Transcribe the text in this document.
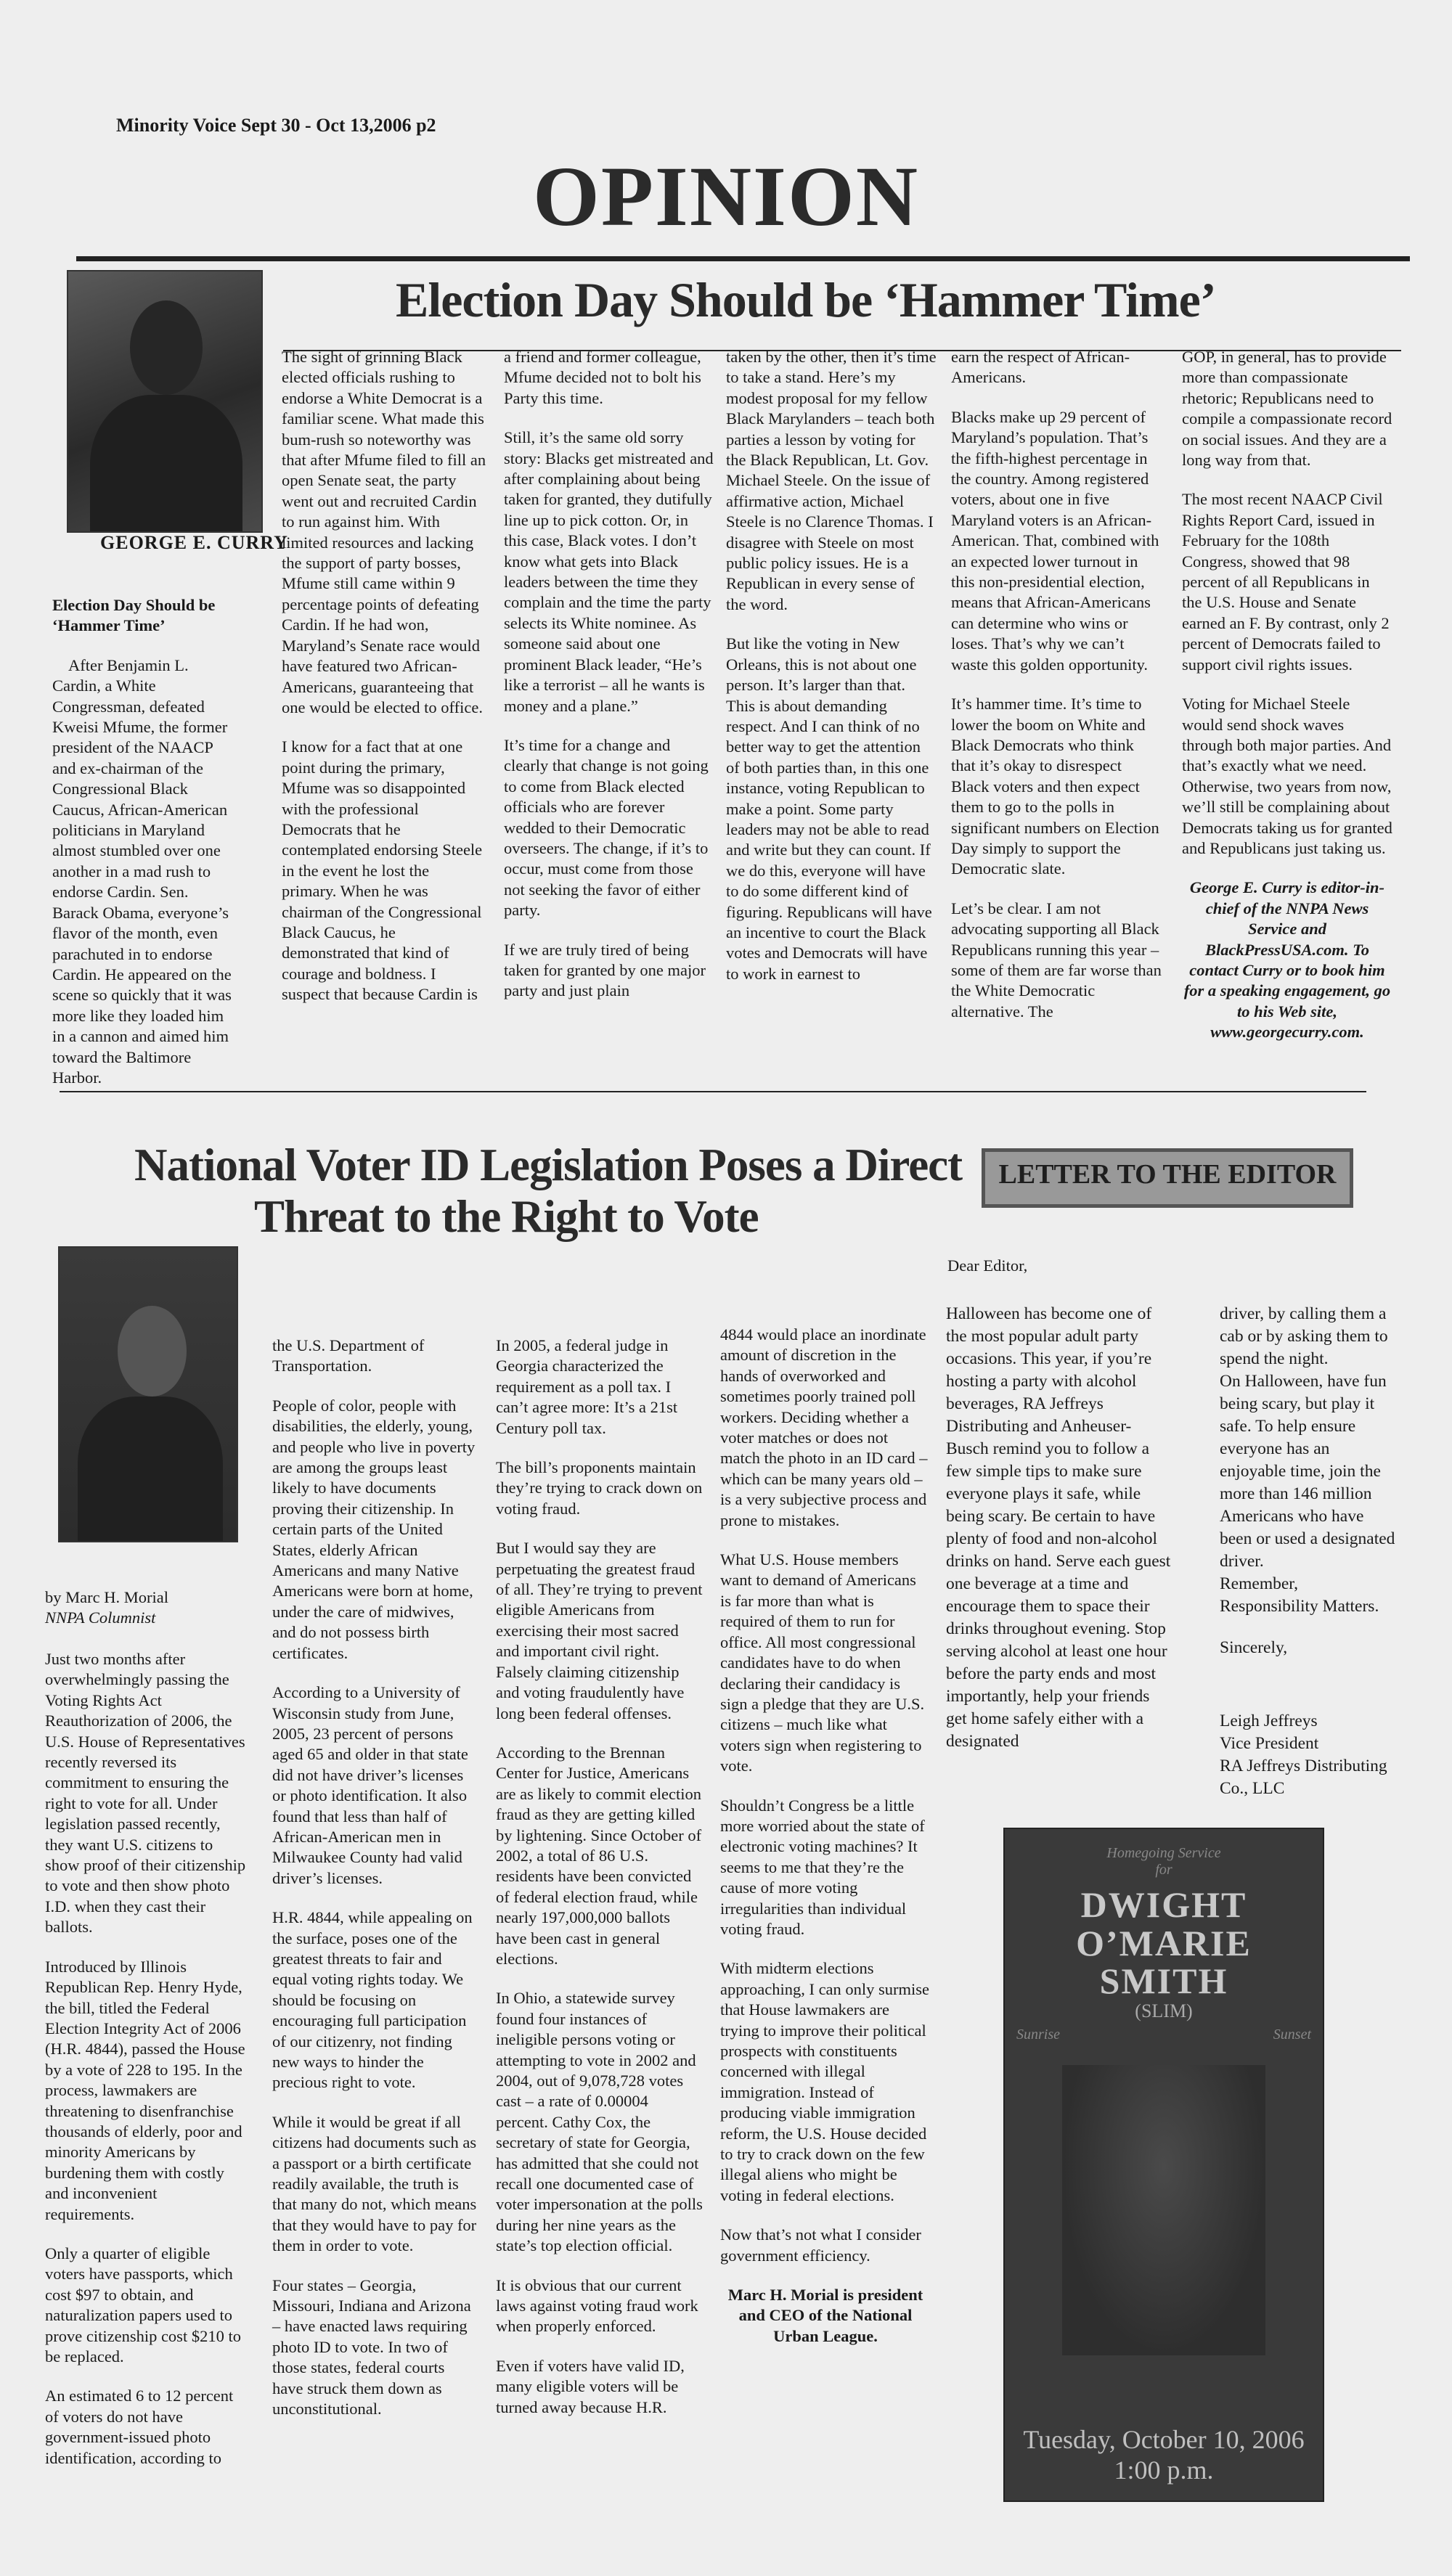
Minority Voice Sept 30 - Oct 13,2006 p2
OPINION
GEORGE E. CURRY
Election Day Should be ‘Hammer Time’

Election Day Should be ‘Hammer Time’

After Benjamin L. Cardin, a White Congressman, defeated Kweisi Mfume, the former president of the NAACP and ex-chairman of the Congressional Black Caucus, African-American politicians in Maryland almost stumbled over one another in a mad rush to endorse Cardin. Sen. Barack Obama, everyone’s flavor of the month, even parachuted in to endorse Cardin. He appeared on the scene so quickly that it was more like they loaded him in a cannon and aimed him toward the Baltimore Harbor.

The sight of grinning Black elected officials rushing to endorse a White Democrat is a familiar scene. What made this bum-rush so noteworthy was that after Mfume filed to fill an open Senate seat, the party went out and recruited Cardin to run against him. With limited resources and lacking the support of party bosses, Mfume still came within 9 percentage points of defeating Cardin. If he had won, Maryland’s Senate race would have featured two African-Americans, guaranteeing that one would be elected to office.

I know for a fact that at one point during the primary, Mfume was so disappointed with the professional Democrats that he contemplated endorsing Steele in the event he lost the primary. When he was chairman of the Congressional Black Caucus, he demonstrated that kind of courage and boldness. I suspect that because Cardin is

a friend and former colleague, Mfume decided not to bolt his Party this time.

Still, it’s the same old sorry story: Blacks get mistreated and after complaining about being taken for granted, they dutifully line up to pick cotton. Or, in this case, Black votes. I don’t know what gets into Black leaders between the time they complain and the time the party selects its White nominee. As someone said about one prominent Black leader, “He’s like a terrorist – all he wants is money and a plane.”

It’s time for a change and clearly that change is not going to come from Black elected officials who are forever wedded to their Democratic overseers. The change, if it’s to occur, must come from those not seeking the favor of either party.

If we are truly tired of being taken for granted by one major party and just plain

taken by the other, then it’s time to take a stand. Here’s my modest proposal for my fellow Black Marylanders – teach both parties a lesson by voting for the Black Republican, Lt. Gov. Michael Steele. On the issue of affirmative action, Michael Steele is no Clarence Thomas. I disagree with Steele on most public policy issues. He is a Republican in every sense of the word.

But like the voting in New Orleans, this is not about one person. It’s larger than that. This is about demanding respect. And I can think of no better way to get the attention of both parties than, in this one instance, voting Republican to make a point. Some party leaders may not be able to read and write but they can count. If we do this, everyone will have to do some different kind of figuring. Republicans will have an incentive to court the Black votes and Democrats will have to work in earnest to

earn the respect of African-Americans.

Blacks make up 29 percent of Maryland’s population. That’s the fifth-highest percentage in the country. Among registered voters, about one in five Maryland voters is an African-American. That, combined with an expected lower turnout in this non-presidential election, means that African-Americans can determine who wins or loses. That’s why we can’t waste this golden opportunity.

It’s hammer time. It’s time to lower the boom on White and Black Democrats who think that it’s okay to disrespect Black voters and then expect them to go to the polls in significant numbers on Election Day simply to support the Democratic slate.

Let’s be clear. I am not advocating supporting all Black Republicans running this year – some of them are far worse than the White Democratic alternative. The

GOP, in general, has to provide more than compassionate rhetoric; Republicans need to compile a compassionate record on social issues. And they are a long way from that.

The most recent NAACP Civil Rights Report Card, issued in February for the 108th Congress, showed that 98 percent of all Republicans in the U.S. House and Senate earned an F. By contrast, only 2 percent of Democrats failed to support civil rights issues.

Voting for Michael Steele would send shock waves through both major parties. And that’s exactly what we need. Otherwise, two years from now, we’ll still be complaining about Democrats taking us for granted and Republicans just taking us.

George E. Curry is editor-in-chief of the NNPA News Service and BlackPressUSA.com. To contact Curry or to book him for a speaking engagement, go to his Web site, www.georgecurry.com.

National Voter ID Legislation Poses a Direct
Threat to the Right to Vote
by Marc H. Morial
NNPA Columnist

Just two months after overwhelmingly passing the Voting Rights Act Reauthorization of 2006, the U.S. House of Representatives recently reversed its commitment to ensuring the right to vote for all. Under legislation passed recently, they want U.S. citizens to show proof of their citizenship to vote and then show photo I.D. when they cast their ballots.

Introduced by Illinois Republican Rep. Henry Hyde, the bill, titled the Federal Election Integrity Act of 2006 (H.R. 4844), passed the House by a vote of 228 to 195. In the process, lawmakers are threatening to disenfranchise thousands of elderly, poor and minority Americans by burdening them with costly and inconvenient requirements.

Only a quarter of eligible voters have passports, which cost $97 to obtain, and naturalization papers used to prove citizenship cost $210 to be replaced.

An estimated 6 to 12 percent of voters do not have government-issued photo identification, according to

the U.S. Department of Transportation.

People of color, people with disabilities, the elderly, young, and people who live in poverty are among the groups least likely to have documents proving their citizenship. In certain parts of the United States, elderly African Americans and many Native Americans were born at home, under the care of midwives, and do not possess birth certificates.

According to a University of Wisconsin study from June, 2005, 23 percent of persons aged 65 and older in that state did not have driver’s licenses or photo identification. It also found that less than half of African-American men in Milwaukee County had valid driver’s licenses.

H.R. 4844, while appealing on the surface, poses one of the greatest threats to fair and equal voting rights today. We should be focusing on encouraging full participation of our citizenry, not finding new ways to hinder the precious right to vote.

While it would be great if all citizens had documents such as a passport or a birth certificate readily available, the truth is that many do not, which means that they would have to pay for them in order to vote.

Four states – Georgia, Missouri, Indiana and Arizona – have enacted laws requiring photo ID to vote. In two of those states, federal courts have struck them down as unconstitutional.

In 2005, a federal judge in Georgia characterized the requirement as a poll tax. I can’t agree more: It’s a 21st Century poll tax.

The bill’s proponents maintain they’re trying to crack down on voting fraud.

But I would say they are perpetuating the greatest fraud of all. They’re trying to prevent eligible Americans from exercising their most sacred and important civil right. Falsely claiming citizenship and voting fraudulently have long been federal offenses.

According to the Brennan Center for Justice, Americans are as likely to commit election fraud as they are getting killed by lightening. Since October of 2002, a total of 86 U.S. residents have been convicted of federal election fraud, while nearly 197,000,000 ballots have been cast in general elections.

In Ohio, a statewide survey found four instances of ineligible persons voting or attempting to vote in 2002 and 2004, out of 9,078,728 votes cast – a rate of 0.00004 percent. Cathy Cox, the secretary of state for Georgia, has admitted that she could not recall one documented case of voter impersonation at the polls during her nine years as the state’s top election official.

It is obvious that our current laws against voting fraud work when properly enforced.

Even if voters have valid ID, many eligible voters will be turned away because H.R.

4844 would place an inordinate amount of discretion in the hands of overworked and sometimes poorly trained poll workers. Deciding whether a voter matches or does not match the photo in an ID card – which can be many years old – is a very subjective process and prone to mistakes.

What U.S. House members want to demand of Americans is far more than what is required of them to run for office. All most congressional candidates have to do when declaring their candidacy is sign a pledge that they are U.S. citizens – much like what voters sign when registering to vote.

Shouldn’t Congress be a little more worried about the state of electronic voting machines? It seems to me that they’re the cause of more voting irregularities than individual voting fraud.

With midterm elections approaching, I can only surmise that House lawmakers are trying to improve their political prospects with constituents concerned with illegal immigration. Instead of producing viable immigration reform, the U.S. House decided to try to crack down on the few illegal aliens who might be voting in federal elections.

Now that’s not what I consider government efficiency.

Marc H. Morial is president and CEO of the National Urban League.

LETTER TO THE EDITOR
Dear Editor,

Halloween has become one of the most popular adult party occasions. This year, if you’re hosting a party with alcohol beverages, RA Jeffreys Distributing and Anheuser-Busch remind you to follow a few simple tips to make sure everyone plays it safe, while being scary. Be certain to have plenty of food and non-alcohol drinks on hand. Serve each guest one beverage at a time and encourage them to space their drinks throughout evening. Stop serving alcohol at least one hour before the party ends and most importantly, help your friends get home safely either with a designated

driver, by calling them a cab or by asking them to spend the night.

On Halloween, have fun being scary, but play it safe. To help ensure everyone has an enjoyable time, join the more than 146 million Americans who have been or used a designated driver.

Remember, Responsibility Matters.

Sincerely,

Leigh Jeffreys

Vice President

RA Jeffreys Distributing Co., LLC

Homegoing Service
for
DWIGHT O’MARIE
SMITH
(SLIM)
Sunrise	Sunset
Tuesday, October 10, 2006
1:00 p.m.
